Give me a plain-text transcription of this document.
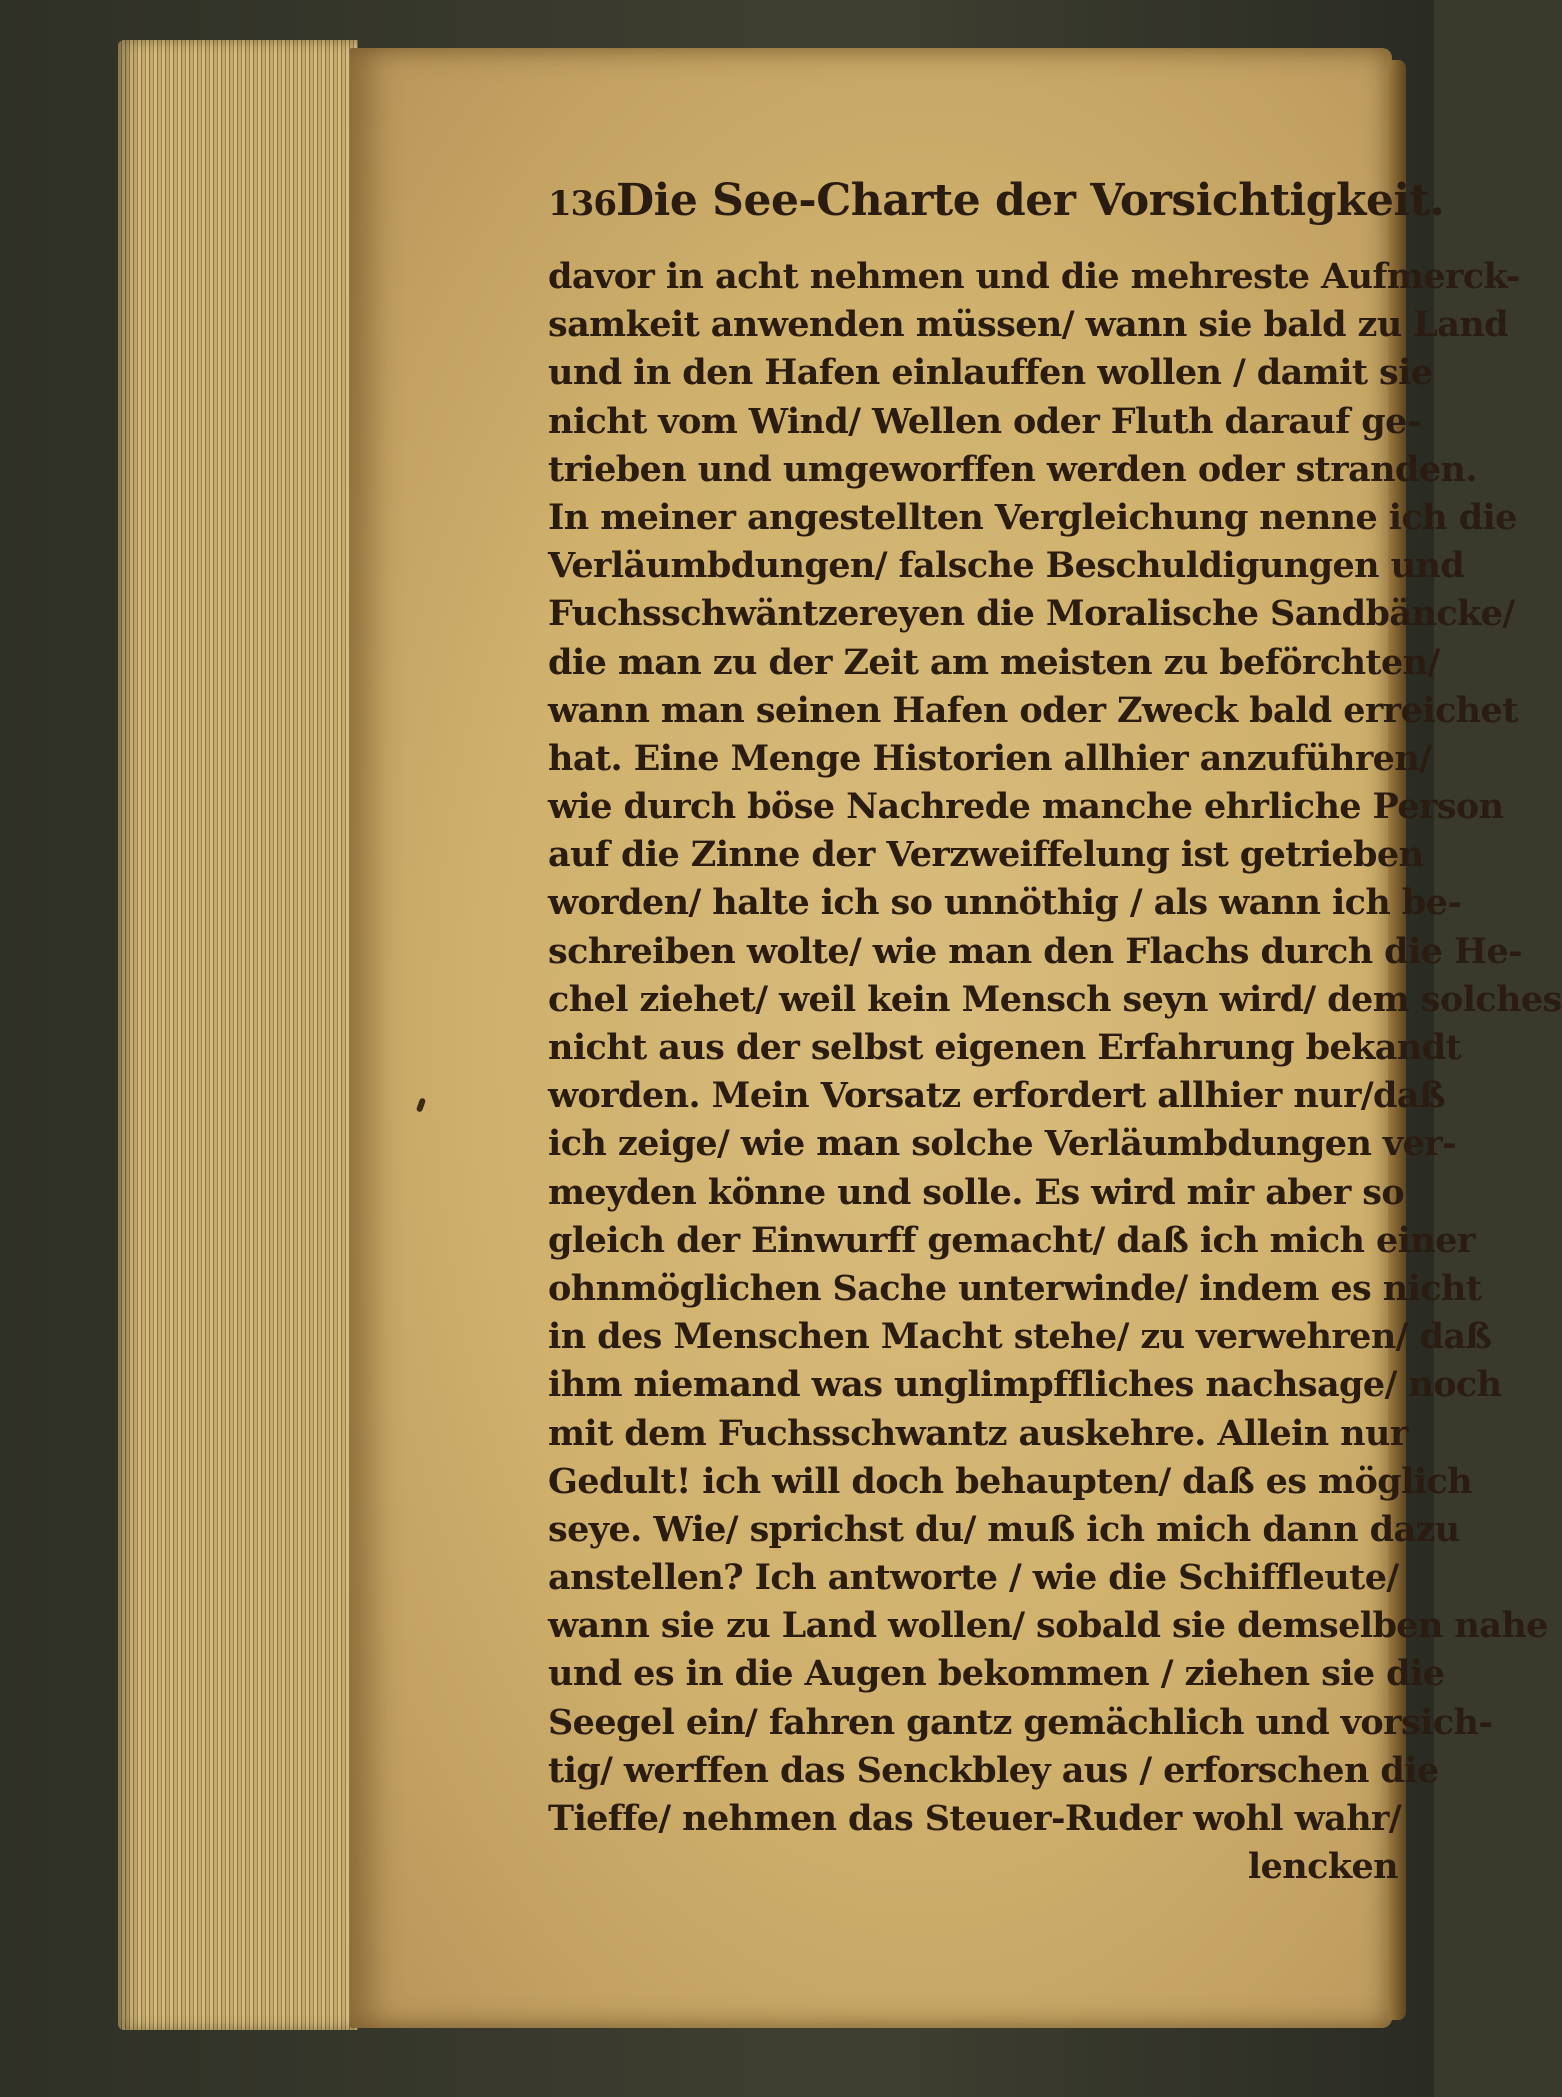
136 Die See-Charte der Vorsichtigkeit.
davor in acht nehmen und die mehreste Aufmerck-
samkeit anwenden müssen/ wann sie bald zu Land
und in den Hafen einlauffen wollen / damit sie
nicht vom Wind/ Wellen oder Fluth darauf ge-
trieben und umgeworffen werden oder stranden.
In meiner angestellten Vergleichung nenne ich die
Verläumbdungen/ falsche Beschuldigungen und
Fuchsschwäntzereyen die Moralische Sandbäncke/
die man zu der Zeit am meisten zu beförchten/
wann man seinen Hafen oder Zweck bald erreichet
hat. Eine Menge Historien allhier anzuführen/
wie durch böse Nachrede manche ehrliche Person
auf die Zinne der Verzweiffelung ist getrieben
worden/ halte ich so unnöthig / als wann ich be-
schreiben wolte/ wie man den Flachs durch die He-
chel ziehet/ weil kein Mensch seyn wird/ dem solches
nicht aus der selbst eigenen Erfahrung bekandt
worden. Mein Vorsatz erfordert allhier nur/daß
ich zeige/ wie man solche Verläumbdungen ver-
meyden könne und solle. Es wird mir aber so
gleich der Einwurff gemacht/ daß ich mich einer
ohnmöglichen Sache unterwinde/ indem es nicht
in des Menschen Macht stehe/ zu verwehren/ daß
ihm niemand was unglimpffliches nachsage/ noch
mit dem Fuchsschwantz auskehre. Allein nur
Gedult! ich will doch behaupten/ daß es möglich
seye. Wie/ sprichst du/ muß ich mich dann dazu
anstellen? Ich antworte / wie die Schiffleute/
wann sie zu Land wollen/ sobald sie demselben nahe
und es in die Augen bekommen / ziehen sie die
Seegel ein/ fahren gantz gemächlich und vorsich-
tig/ werffen das Senckbley aus / erforschen die
Tieffe/ nehmen das Steuer-Ruder wohl wahr/
lencken
